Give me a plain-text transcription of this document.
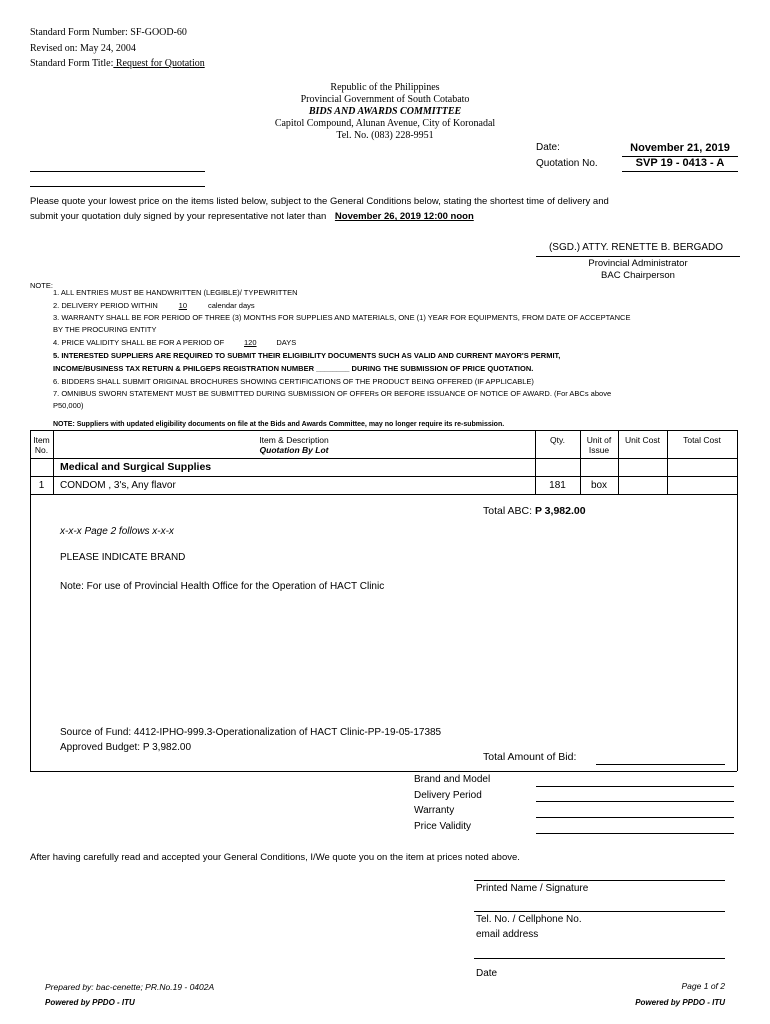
Standard Form Number: SF-GOOD-60
Revised on: May 24, 2004
Standard Form Title: Request for Quotation
Republic of the Philippines
Provincial Government of South Cotabato
BIDS AND AWARDS COMMITTEE
Capitol Compound, Alunan Avenue, City of Koronadal
Tel. No. (083) 228-9951
Date:	November 21, 2019
Quotation No.	SVP 19 - 0413 - A
Please quote your lowest price on the items listed below, subject to the General Conditions below, stating the shortest time of delivery and
submit your quotation duly signed by your representative not later than November 26, 2019 12:00 noon
(SGD.) ATTY. RENETTE B. BERGADO
Provincial Administrator
BAC Chairperson
NOTE:
1. ALL ENTRIES MUST BE HANDWRITTEN (LEGIBLE)/ TYPEWRITTEN
2. DELIVERY PERIOD WITHIN	10	calendar days
3. WARRANTY SHALL BE FOR PERIOD OF THREE (3) MONTHS FOR SUPPLIES AND MATERIALS, ONE (1) YEAR FOR EQUIPMENTS, FROM DATE OF ACCEPTANCE
BY THE PROCURING ENTITY
4. PRICE VALIDITY SHALL BE FOR A PERIOD OF	120	DAYS
5. INTERESTED SUPPLIERS ARE REQUIRED TO SUBMIT THEIR ELIGIBILITY DOCUMENTS SUCH AS VALID AND CURRENT MAYOR'S PERMIT,
INCOME/BUSINESS TAX RETURN & PHILGEPS REGISTRATION NUMBER ________ DURING THE SUBMISSION OF PRICE QUOTATION.
6. BIDDERS SHALL SUBMIT ORIGINAL BROCHURES SHOWING CERTIFICATIONS OF THE PRODUCT BEING OFFERED (IF APPLICABLE)
7. OMNIBUS SWORN STATEMENT MUST BE SUBMITTED DURING SUBMISSION OF OFFERs OR BEFORE ISSUANCE OF NOTICE OF AWARD. (For ABCs above
P50,000)
NOTE: Suppliers with updated eligibility documents on file at the Bids and Awards Committee, may no longer require its re-submission.
Item
No.
Item & Description
Quotation By Lot
Qty.	Unit of
Issue
Unit Cost	Total Cost
Medical and Surgical Supplies
1	CONDOM , 3's, Any flavor	181	box
Total ABC: P 3,982.00
x-x-x Page 2 follows x-x-x
PLEASE INDICATE BRAND
Note: For use of Provincial Health Office for the Operation of HACT Clinic
Source of Fund: 4412-IPHO-999.3-Operationalization of HACT Clinic-PP-19-05-17385
Approved Budget: P 3,982.00
Total Amount of Bid:
Brand and Model
Delivery Period
Warranty
Price Validity
After having carefully read and accepted your General Conditions, I/We quote you on the item at prices noted above.
Printed Name / Signature
Tel. No. / Cellphone No.
email address
Date
Prepared by: bac-cenette; PR.No.19 - 0402A
Powered by PPDO - ITU
Page 1 of 2
Powered by PPDO - ITU
